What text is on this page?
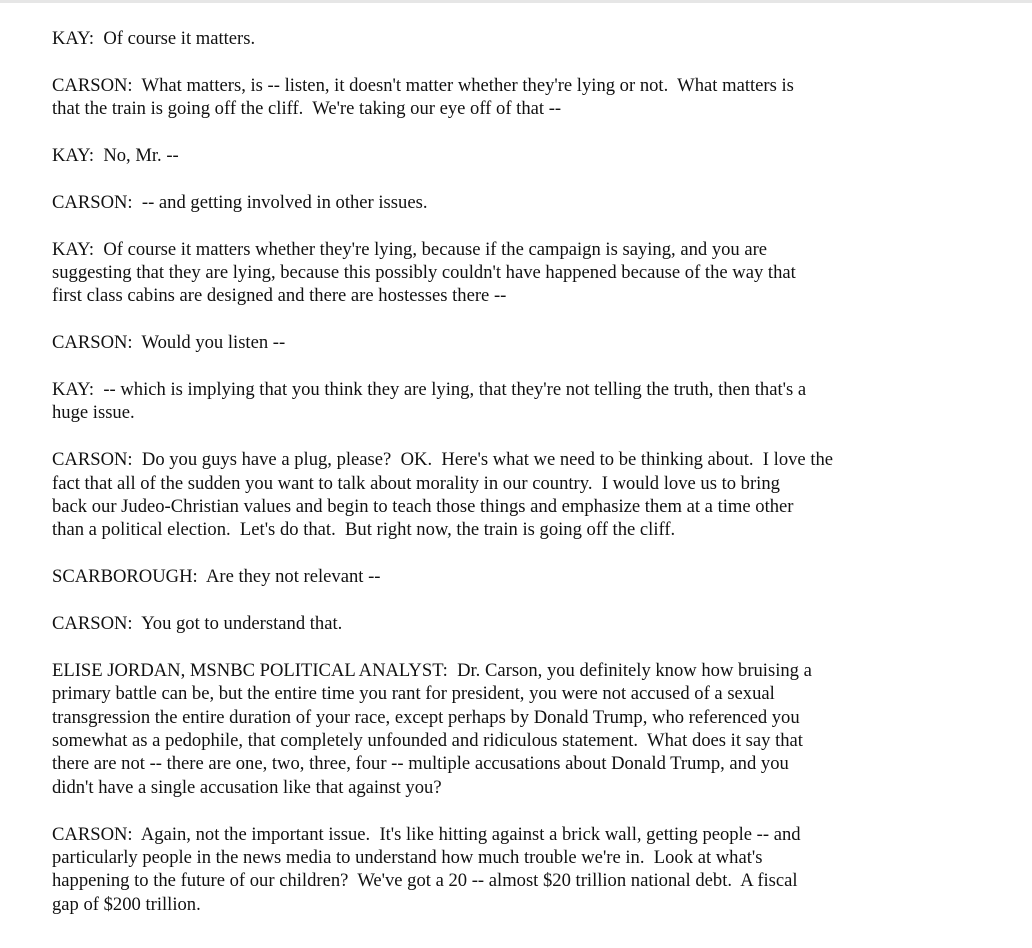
KAY:  Of course it matters.

CARSON:  What matters, is -- listen, it doesn't matter whether they're lying or not.  What matters is
that the train is going off the cliff.  We're taking our eye off of that --

KAY:  No, Mr. --

CARSON:  -- and getting involved in other issues.

KAY:  Of course it matters whether they're lying, because if the campaign is saying, and you are
suggesting that they are lying, because this possibly couldn't have happened because of the way that
first class cabins are designed and there are hostesses there --

CARSON:  Would you listen --

KAY:  -- which is implying that you think they are lying, that they're not telling the truth, then that's a
huge issue.

CARSON:  Do you guys have a plug, please?  OK.  Here's what we need to be thinking about.  I love the
fact that all of the sudden you want to talk about morality in our country.  I would love us to bring
back our Judeo-Christian values and begin to teach those things and emphasize them at a time other
than a political election.  Let's do that.  But right now, the train is going off the cliff.

SCARBOROUGH:  Are they not relevant --

CARSON:  You got to understand that.

ELISE JORDAN, MSNBC POLITICAL ANALYST:  Dr. Carson, you definitely know how bruising a
primary battle can be, but the entire time you rant for president, you were not accused of a sexual
transgression the entire duration of your race, except perhaps by Donald Trump, who referenced you
somewhat as a pedophile, that completely unfounded and ridiculous statement.  What does it say that
there are not -- there are one, two, three, four -- multiple accusations about Donald Trump, and you
didn't have a single accusation like that against you?

CARSON:  Again, not the important issue.  It's like hitting against a brick wall, getting people -- and
particularly people in the news media to understand how much trouble we're in.  Look at what's
happening to the future of our children?  We've got a 20 -- almost $20 trillion national debt.  A fiscal
gap of $200 trillion.
